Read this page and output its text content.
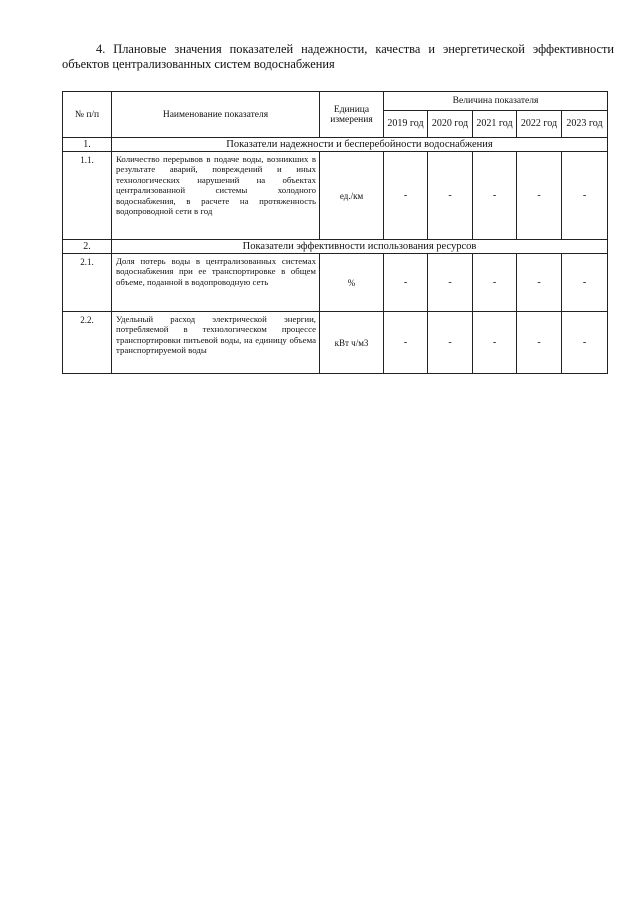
4. Плановые значения показателей надежности, качества и энергетической эффективности объектов централизованных систем водоснабжения
№ п/п	Наименование показателя	Единица измерения	Величина показателя				
			2019 год	2020 год	2021 год	2022 год	2023 год
1.	Показатели надежности и бесперебойности водоснабжения						
1.1.	Количество перерывов в подаче воды, возникших в результате аварий, повреждений и иных технологических нарушений на объектах централизованной системы холодного водоснабжения, в расчете на протяженность водопроводной сети в год	ед./км	-	-	-	-	-
2.	Показатели эффективности использования ресурсов						
2.1.	Доля потерь воды в централизованных системах водоснабжения при ее транспортировке в общем объеме, поданной в водопроводную сеть	%	-	-	-	-	-
2.2.	Удельный расход электрической энергии, потребляемой в технологическом процессе транспортировки питьевой воды, на единицу объема транспортируемой воды	кВт ч/м3	-	-	-	-	-
